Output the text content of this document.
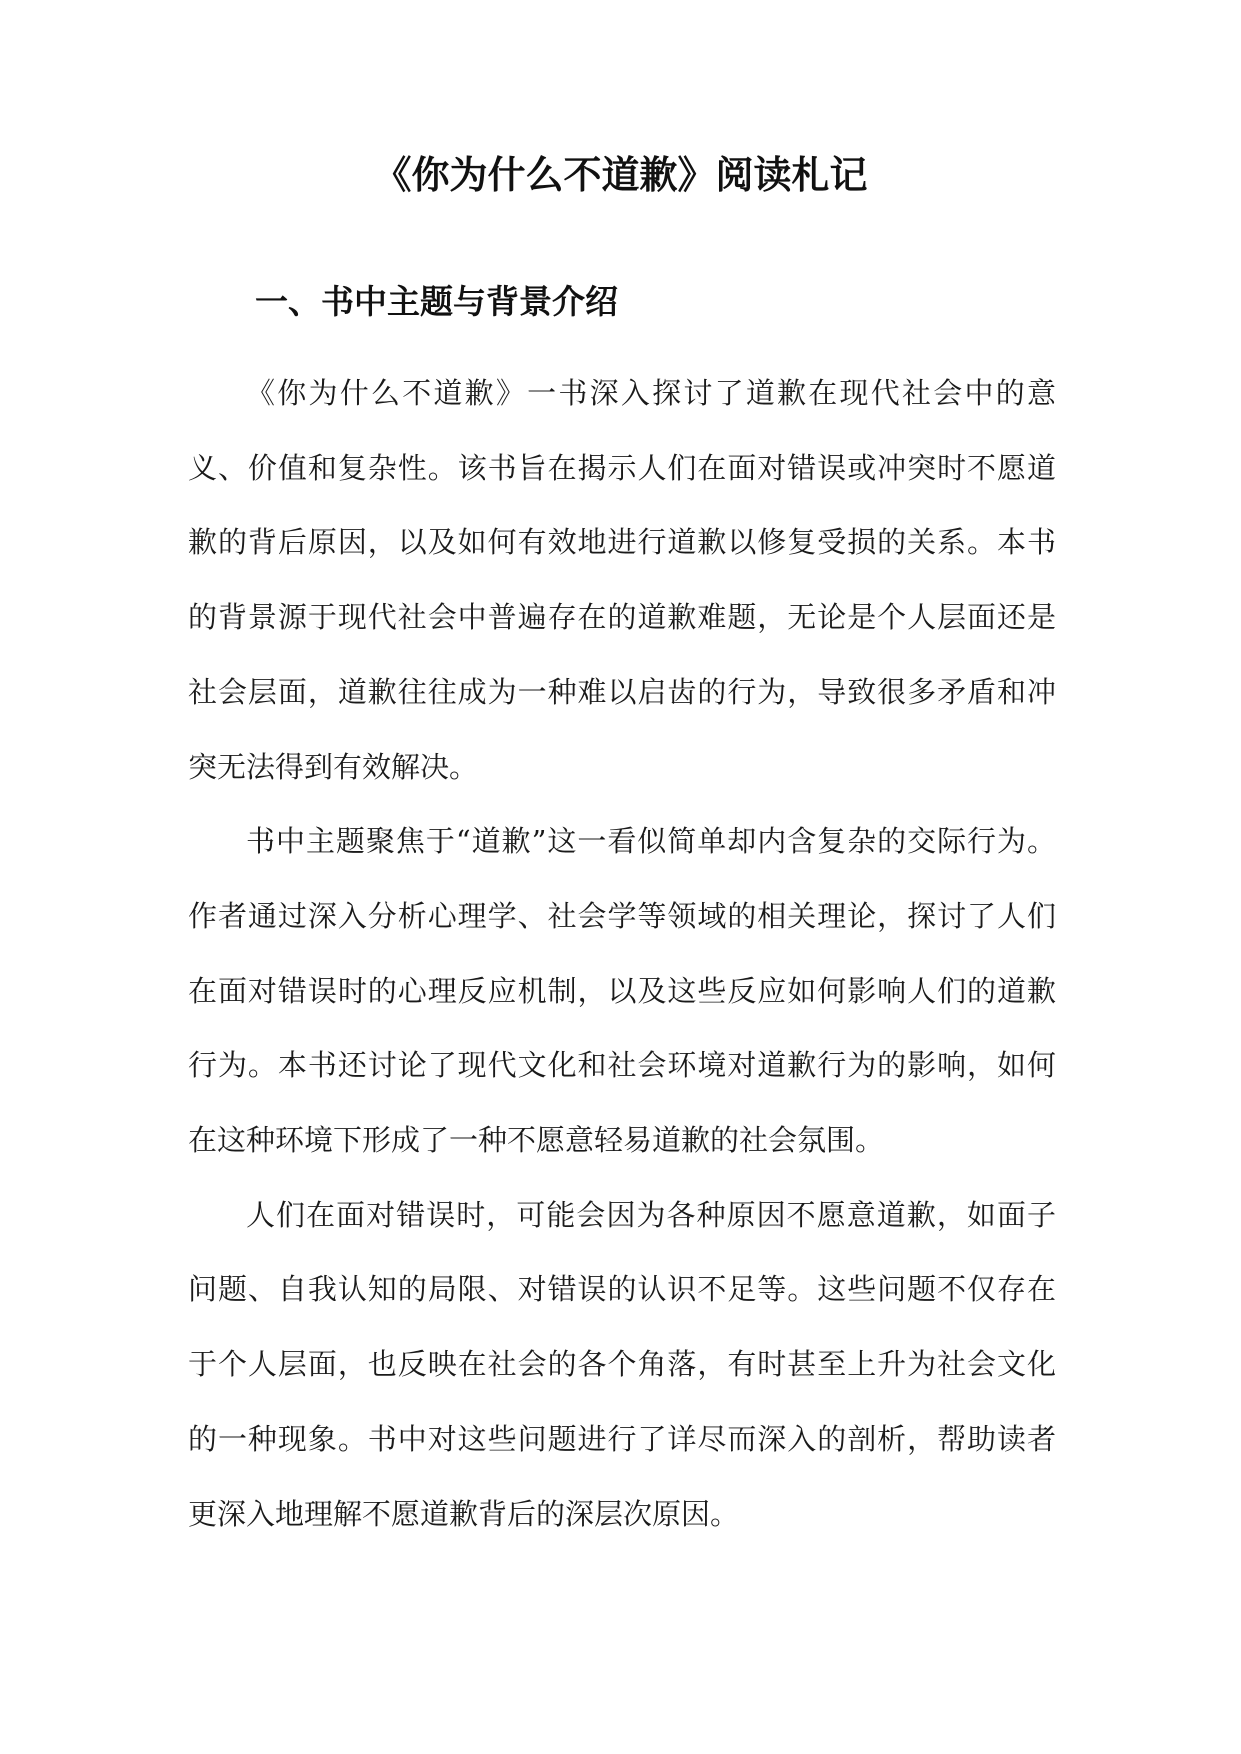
《你为什么不道歉》阅读札记
一、书中主题与背景介绍

《你为什么不道歉》一书深入探讨了道歉在现代社会中的意义、价值和复杂性。该书旨在揭示人们在面对错误或冲突时不愿道歉的背后原因，以及如何有效地进行道歉以修复受损的关系。本书的背景源于现代社会中普遍存在的道歉难题，无论是个人层面还是社会层面，道歉往往成为一种难以启齿的行为，导致很多矛盾和冲突无法得到有效解决。

书中主题聚焦于“道歉”这一看似简单却内含复杂的交际行为。作者通过深入分析心理学、社会学等领域的相关理论，探讨了人们在面对错误时的心理反应机制，以及这些反应如何影响人们的道歉行为。本书还讨论了现代文化和社会环境对道歉行为的影响，如何在这种环境下形成了一种不愿意轻易道歉的社会氛围。

人们在面对错误时，可能会因为各种原因不愿意道歉，如面子问题、自我认知的局限、对错误的认识不足等。这些问题不仅存在于个人层面，也反映在社会的各个角落，有时甚至上升为社会文化的一种现象。书中对这些问题进行了详尽而深入的剖析，帮助读者更深入地理解不愿道歉背后的深层次原因。
